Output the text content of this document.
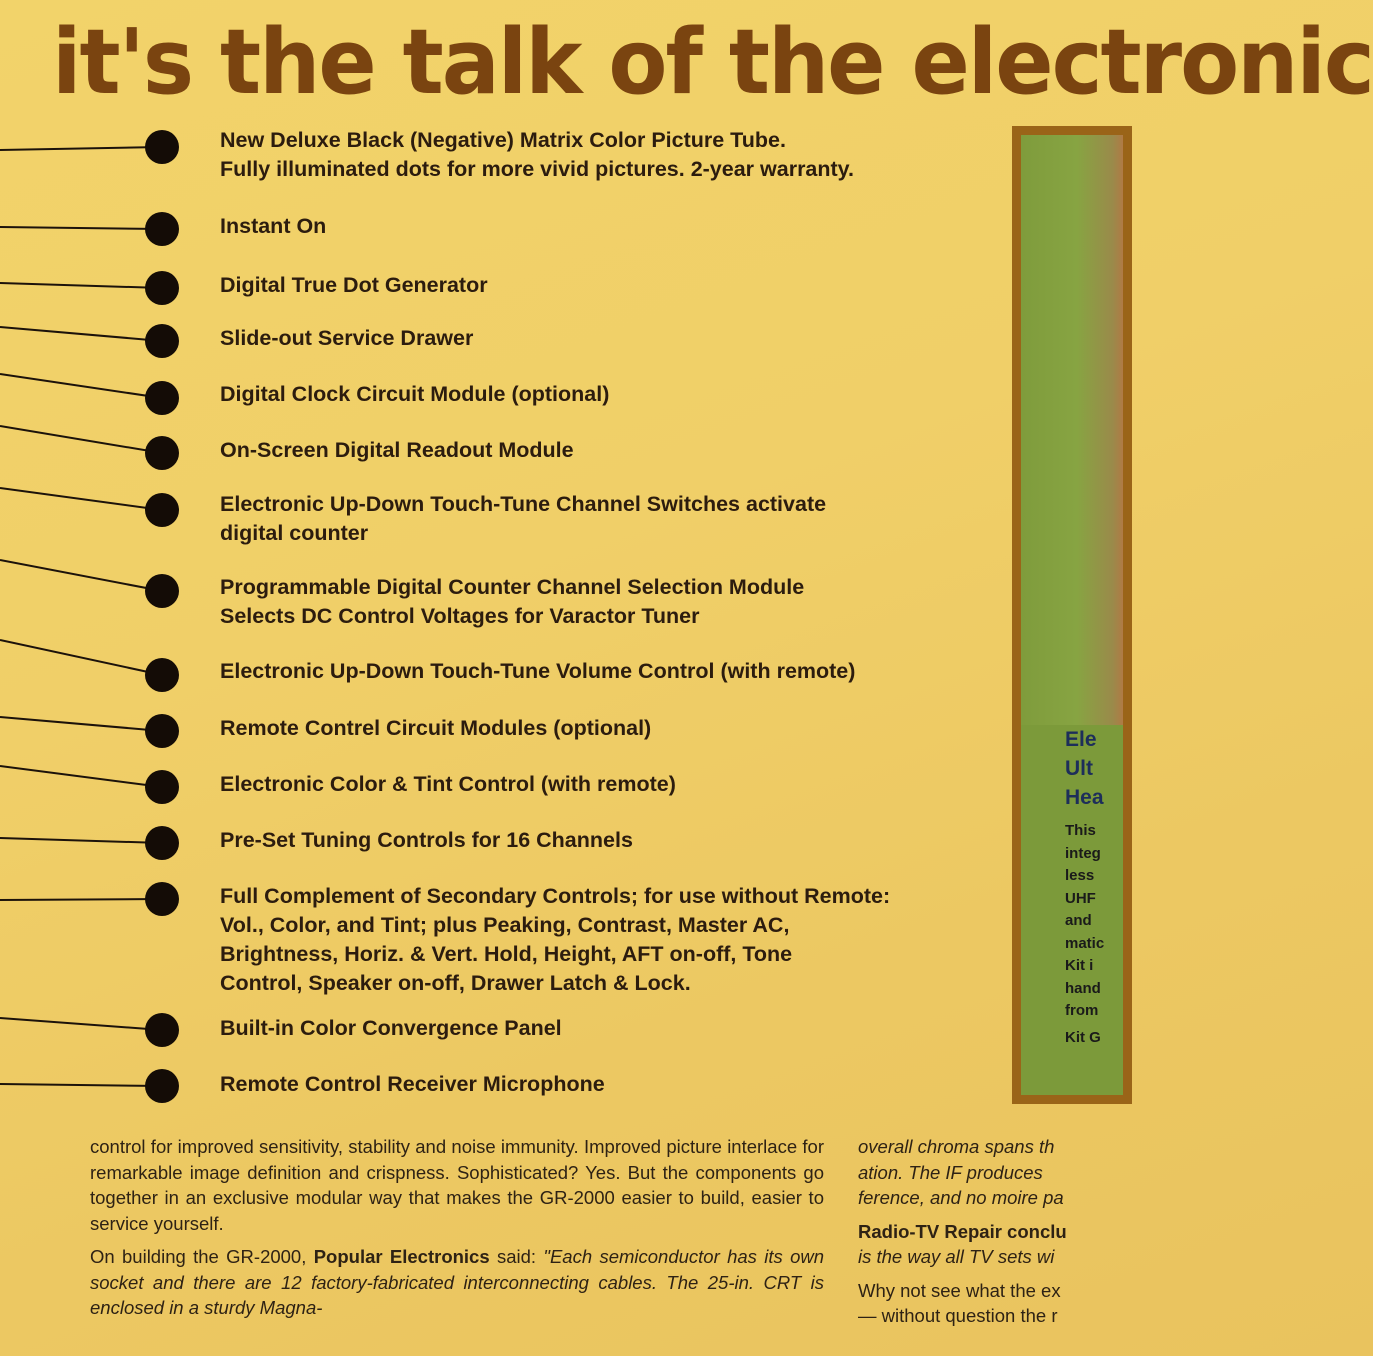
it's the talk of the electronic
New Deluxe Black (Negative) Matrix Color Picture Tube.
Fully illuminated dots for more vivid pictures. 2-year warranty.
Instant On
Digital True Dot Generator
Slide-out Service Drawer
Digital Clock Circuit Module (optional)
On-Screen Digital Readout Module
Electronic Up-Down Touch-Tune Channel Switches activate
digital counter
Programmable Digital Counter Channel Selection Module
Selects DC Control Voltages for Varactor Tuner
Electronic Up-Down Touch-Tune Volume Control (with remote)
Remote Contrel Circuit Modules (optional)
Electronic Color & Tint Control (with remote)
Pre-Set Tuning Controls for 16 Channels
Full Complement of Secondary Controls; for use without Remote:
Vol., Color, and Tint; plus Peaking, Contrast, Master AC,
Brightness, Horiz. & Vert. Hold, Height, AFT on-off, Tone
Control, Speaker on-off, Drawer Latch & Lock.
Built-in Color Convergence Panel
Remote Control Receiver Microphone
Ele
Ult
Hea
This
integ
less
UHF
and
matic
Kit i
hand
from
Kit G

control for improved sensitivity, stability and noise immunity. Improved picture interlace for remarkable image definition and crispness. Sophisticated? Yes. But the components go together in an exclusive modular way that makes the GR-2000 easier to build, easier to service yourself.

On building the GR-2000, Popular Electronics said: "Each semiconductor has its own socket and there are 12 factory-fabricated interconnecting cables. The 25-in. CRT is enclosed in a sturdy Magna-

overall chroma spans th
ation. The IF produces
ference, and no moire pa

Radio-TV Repair conclu
is the way all TV sets wi

Why not see what the ex
— without question the r
